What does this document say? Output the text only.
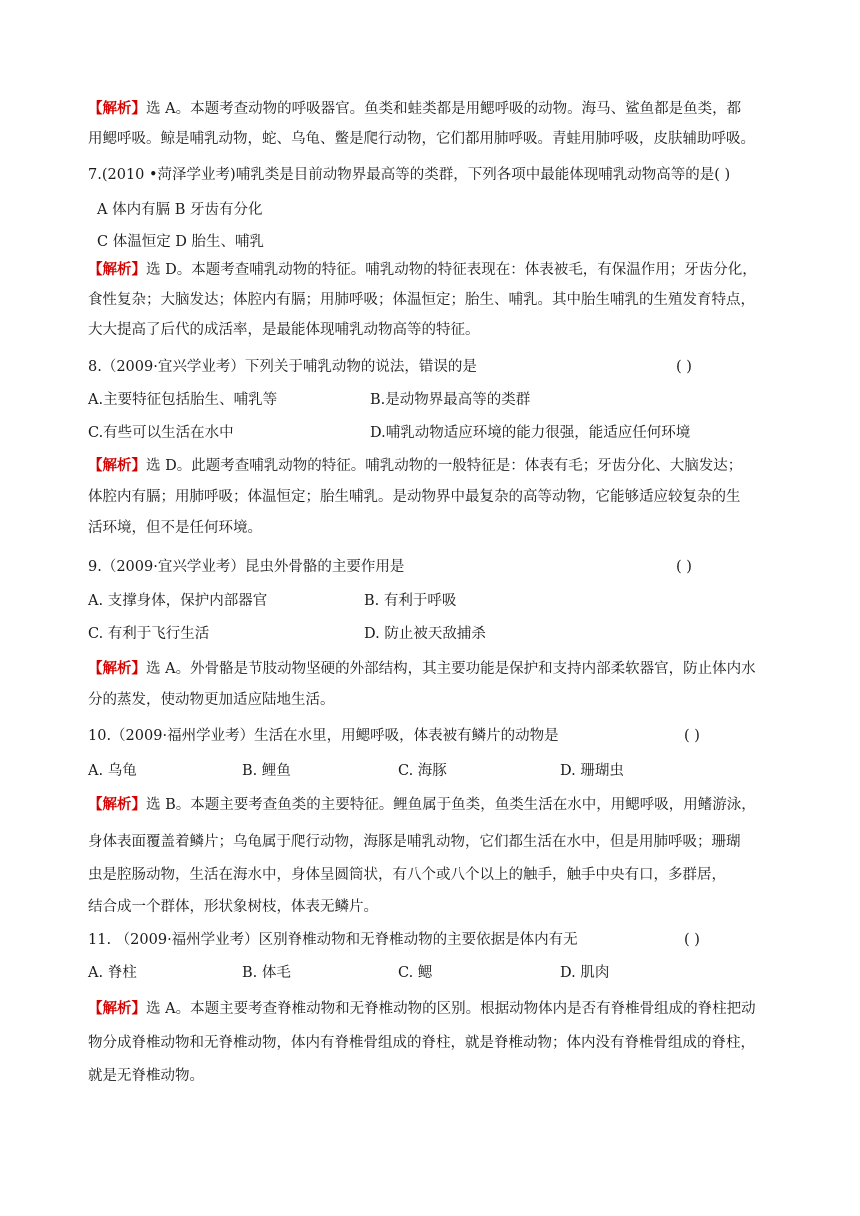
【解析】选 A。本题考查动物的呼吸器官。鱼类和蛙类都是用鳃呼吸的动物。海马、鲨鱼都是鱼类，都
用鳃呼吸。鲸是哺乳动物，蛇、乌龟、鳖是爬行动物，它们都用肺呼吸。青蛙用肺呼吸，皮肤辅助呼吸。
7.(2010 •菏泽学业考)哺乳类是目前动物界最高等的类群，下列各项中最能体现哺乳动物高等的是( )
A 体内有膈 B 牙齿有分化
C 体温恒定 D 胎生、哺乳
【解析】选 D。本题考查哺乳动物的特征。哺乳动物的特征表现在：体表被毛，有保温作用；牙齿分化，
食性复杂；大脑发达；体腔内有膈；用肺呼吸；体温恒定；胎生、哺乳。其中胎生哺乳的生殖发育特点，
大大提高了后代的成活率，是最能体现哺乳动物高等的特征。
8.（2009·宜兴学业考）下列关于哺乳动物的说法，错误的是	( )
A.主要特征包括胎生、哺乳等	B.是动物界最高等的类群
C.有些可以生活在水中	D.哺乳动物适应环境的能力很强，能适应任何环境
【解析】选 D。此题考查哺乳动物的特征。哺乳动物的一般特征是：体表有毛；牙齿分化、大脑发达；
体腔内有膈；用肺呼吸；体温恒定；胎生哺乳。是动物界中最复杂的高等动物，它能够适应较复杂的生
活环境，但不是任何环境。
9.（2009·宜兴学业考）昆虫外骨骼的主要作用是	( )
A. 支撑身体，保护内部器官	B. 有利于呼吸
C. 有利于飞行生活	D. 防止被天敌捕杀
【解析】选 A。外骨骼是节肢动物坚硬的外部结构，其主要功能是保护和支持内部柔软器官，防止体内水
分的蒸发，使动物更加适应陆地生活。
10.（2009·福州学业考）生活在水里，用鳃呼吸，体表被有鳞片的动物是	( )
A. 乌龟	B. 鲤鱼	C. 海豚	D. 珊瑚虫
【解析】选 B。本题主要考查鱼类的主要特征。鲤鱼属于鱼类，鱼类生活在水中，用鳃呼吸，用鳍游泳，
身体表面覆盖着鳞片；乌龟属于爬行动物，海豚是哺乳动物，它们都生活在水中，但是用肺呼吸；珊瑚
虫是腔肠动物，生活在海水中，身体呈圆筒状，有八个或八个以上的触手，触手中央有口，多群居，
结合成一个群体，形状象树枝，体表无鳞片。
11. （2009·福州学业考）区别脊椎动物和无脊椎动物的主要依据是体内有无	( )
A. 脊柱	B. 体毛	C. 鳃	D. 肌肉
【解析】选 A。本题主要考查脊椎动物和无脊椎动物的区别。根据动物体内是否有脊椎骨组成的脊柱把动
物分成脊椎动物和无脊椎动物，体内有脊椎骨组成的脊柱，就是脊椎动物；体内没有脊椎骨组成的脊柱，
就是无脊椎动物。
